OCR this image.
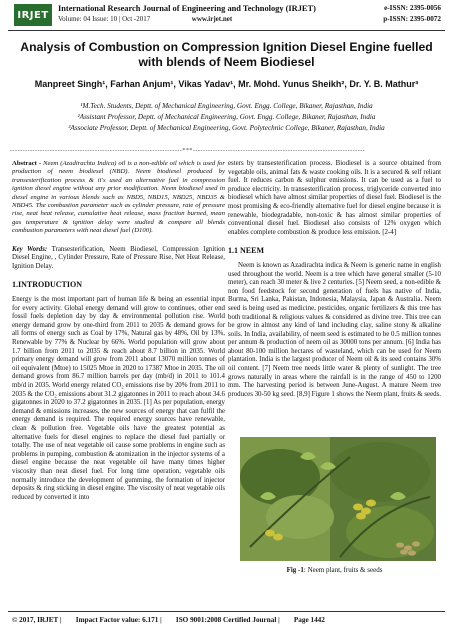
IRJET
International Research Journal of Engineering and Technology (IRJET)
Volume: 04 Issue: 10 | Oct -2017	www.irjet.net
e-ISSN: 2395-0056
p-ISSN: 2395-0072
Analysis of Combustion on Compression Ignition Diesel Engine fuelled with blends of Neem Biodiesel
Manpreet Singh¹, Farhan Anjum¹, Vikas Yadav¹, Mr. Mohd. Yunus Sheikh², Dr. Y. B. Mathur³
¹M.Tech. Students, Deptt. of Mechanical Engineering, Govt. Engg. College, Bikaner, Rajasthan, India
²Assistant Professor, Deptt. of Mechanical Engineering, Govt. Engg. College, Bikaner, Rajasthan, India
³Associate Professor, Deptt. of Mechanical Engineering, Govt. Polytechnic College, Bikaner, Rajasthan, India
---------------------------------------------------------------------***---------------------------------------------------------------------

Abstract - Neem (Azadirachta Indica) oil is a non-edible oil which is used for production of neem biodiesel (NBD). Neem biodiesel produced by transesterification process & it's used an alternative fuel in compression ignition diesel engine without any prior modification. Neem biodiesel used in diesel engine in various blends such as NBD5, NBD15, NBD25, NBD35 & NBD45. The combustion parameter such as cylinder pressure, rate of pressure rise, neat heat release, cumulative heat release, mass fraction burned, mean gas temperature & ignition delay were studied & compare all blends combustion parameters with neat diesel fuel (D100).

Key Words: Transesterification, Neem Biodiesel, Compression Ignition Diesel Engine, , Cylinder Pressure, Rate of Pressure Rise, Net Heat Release, Ignition Delay.

1.INTRODUCTION

Energy is the most important part of human life & being an essential input for every activity. Global energy demand will grow to continues, other end fossil fuels depletion day by day & environmental pollution rise. World energy demand grow by one-third from 2011 to 2035 & demand grows for all forms of energy such as Coal by 17%, Natural gas by 48%, Oil by 13%, Renewable by 77% & Nuclear by 66%. World population will grow about 1.7 billion from 2011 to 2035 & reach about 8.7 billion in 2035. World primary energy demand will grow from 2011 about 13070 million tonnes of oil equivalent (Mtoe) to 15025 Mtoe in 2020 to 17387 Mtoe in 2035. The oil demand grows from 86.7 million barrels per day (mb/d) in 2011 to 101.4 mb/d in 2035. World energy related CO₂ emissions rise by 20% from 2011 to 2035 & the CO₂ emissions about 31.2 gigatonnes in 2011 to reach about 34.6 gigatonnes in 2020 to 37.2 gigatonnes in 2035. [1] As per population, energy demand & emissions increases, the new sources of energy that can fulfil the energy demand is required. The required energy sources have renewable, clean & pollution free. Vegetable oils have the greatest potential as alternative fuels for diesel engines to replace the diesel fuel partially or totally. The use of neat vegetable oil cause some problems in engine such as problems in pumping, combustion & atomization in the injector systems of a diesel engine because the neat vegetable oil have many times higher viscosity than neat diesel fuel. For long time operation, vegetable oils normally introduce the development of gumming, the formation of injector deposits & ring sticking in diesel engine. The viscosity of neat vegetable oils reduced by converted it into

esters by transesterification process. Biodiesel is a source obtained from vegetable oils, animal fats & waste cooking oils. It is a secured & self reliant fuel. It reduces carbon & sulphur emissions. It can be used as a fuel to produce electricity. In transesterification process, triglyceride converted into biodiesel which have almost similar properties of diesel fuel. Biodiesel is the most promising & eco-friendly alternative fuel for diesel engine because it is renewable, biodegradable, non-toxic & has almost similar properties of conventional diesel fuel. Biodiesel also consists of 12% oxygen which enables complete combustion & produce less emission. [2-4]

1.1 NEEM

Neem is known as Azadirachta indica & Neem is generic name in english used throughout the world. Neem is a tree which have general smaller (5-10 meter), can reach 30 meter & live 2 centuries. [5] Neem seed, a non-edible & non food feedstock for second generation of fuels has native of India, Burma, Sri Lanka, Pakistan, Indonesia, Malaysia, Japan & Australia. Neem seed is being used as medicine, pesticides, organic fertilizers & this tree has both traditional & religious values & considered as divine tree. This tree can be grow in almost any kind of land including clay, saline stony & alkaline soils. In India, availability, of neem seed is estimated to be 0.5 million tonnes per annum & production of neem oil as 30000 tons per annum. [6] India has about 80-100 million hectares of wasteland, which can be used for Neem plantation. India is the largest producer of Neem oil & its seed contains 30% oil content. [7] Neem tree needs little water & plenty of sunlight. The tree grows naturally in areas where the rainfall is in the range of 450 to 1200 mm. The harvesting period is between June-August. A mature Neem tree produces 30-50 kg seed. [8,9] Figure 1 shows the Neem plant, fruits & seeds.

Fig -1: Neem plant, fruits & seeds
© 2017, IRJET | Impact Factor value: 6.171 | ISO 9001:2008 Certified Journal | Page 1442
